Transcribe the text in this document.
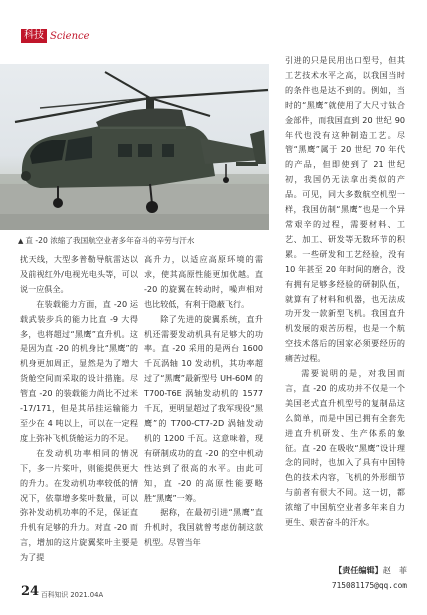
科技 Science
▲ 直 -20 浓缩了我国航空业者多年奋斗的辛劳与汗水

扰天线，大型多普勒导航雷达以及前视红外/电视光电头等，可以说一应俱全。

在装载能力方面，直 -20 运载武装步兵的能力比直 -9 大得多，也将超过“黑鹰”直升机。这是因为直 -20 的机身比“黑鹰”的机身更加周正，显然是为了增大货舱空间而采取的设计措施。尽管直 -20 的装载能力尚比不过米 -17/171，但是其吊挂运输能力至少在 4 吨以上，可以在一定程度上弥补飞机货舱运力的不足。

在发动机功率相同的情况下，多一片桨叶，则能提供更大的升力。在发动机功率较低的情况下，依靠增多桨叶数量，可以弥补发动机功率的不足，保证直升机有足够的升力。对直 -20 而言，增加的这片旋翼桨叶主要是为了提

高升力，以适应高原环境的需求，使其高原性能更加优越。直 -20 的旋翼在转动时，噪声相对也比较低，有利于隐蔽飞行。

除了先进的旋翼系统，直升机还需要发动机具有足够大的功率。直 -20 采用的是两台 1600 千瓦涡轴 10 发动机，其功率超过了“黑鹰”最新型号 UH-60M 的 T700-T6E 涡轴发动机的 1577 千瓦，更明显超过了我军现役“黑鹰”的 T700-CT7-2D 涡轴发动机的 1200 千瓦。这意味着，现有研制成功的直 -20 的空中机动性达到了很高的水平。由此可知，直 -20 的高原性能要略胜“黑鹰”一筹。

据称，在最初引进“黑鹰”直升机时，我国就曾考虑仿制这款机型。尽管当年

引进的只是民用出口型号，但其工艺技术水平之高，以我国当时的条件也是达不到的。例如，当时的“黑鹰”就使用了大尺寸钛合金部件，而我国直到 20 世纪 90 年代也没有这种制造工艺。尽管“黑鹰”属于 20 世纪 70 年代的产品，但即使到了 21 世纪初，我国仍无法拿出类似的产品。可见，同大多数航空机型一样，我国仿制“黑鹰”也是一个异常艰辛的过程，需要材料、工艺、加工、研发等无数环节的积累。一些研发和工艺经验，没有 10 年甚至 20 年时间的磨合，没有拥有足够多经验的研制队伍，就算有了材料和机器，也无法成功开发一款新型飞机。我国直升机发展的艰苦历程，也是一个航空技术落后的国家必须要经历的痛苦过程。

需要说明的是，对我国而言，直 -20 的成功并不仅是一个美国老式直升机型号的复制品这么简单，而是中国已拥有全套先进直升机研发、生产体系的象征。直 -20 在吸收“黑鹰”设计理念的同时，也加入了具有中国特色的技术内容，飞机的外形细节与前者有很大不同。这一切，都浓缩了中国航空业者多年来自力更生、艰苦奋斗的汗水。

【责任编辑】赵　菲
715081175@qq.com
24 百科知识 2021.04A
